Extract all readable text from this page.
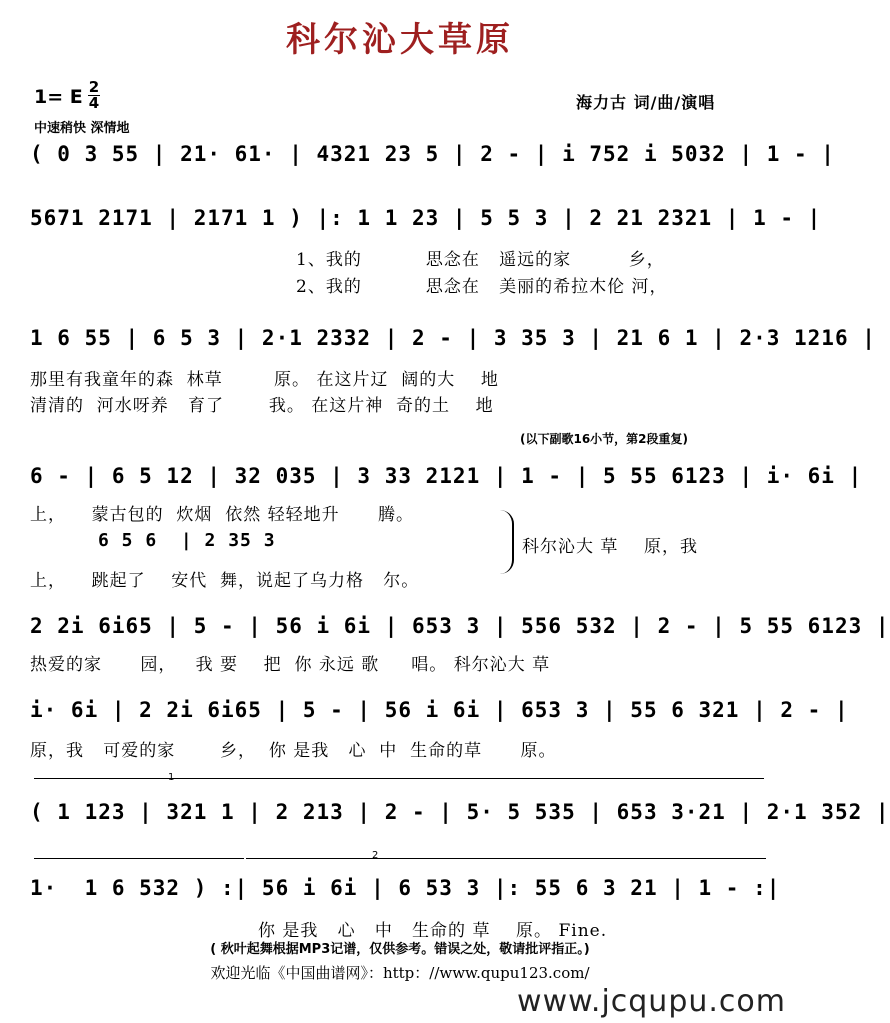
科尔沁大草原
1= E 2
4
中速稍快 深情地
海力古 词/曲/演唱
( 0 3 55 | 21· 61· | 4321 23 5 | 2 - | i 752 i 5032 | 1 - |
5671 2171 | 2171 1 ) |: 1 1 23 | 5 5 3 | 2 21 2321 | 1 - |
1、我的          思念在   遥远的家         乡，
2、我的          思念在   美丽的希拉木伦 河，
1 6 55 | 6 5 3 | 2·1 2332 | 2 - | 3 35 3 | 21 6 1 | 2·3 1216 |
那里有我童年的森  林草        原。 在这片辽  阔的大    地
清清的  河水呀养   育了       我。 在这片神  奇的土    地
(以下副歌16小节，第2段重复)
6 - | 6 5 12 | 32 035 | 3 33 2121 | 1 - | 5 55 6123 | i· 6i |
上，    蒙古包的  炊烟  依然 轻轻地升      腾。
6 5 6  | 2 35 3
上，    跳起了    安代  舞，说起了乌力格   尔。
科尔沁大 草    原，我
2 2i 6i65 | 5 - | 56 i 6i | 653 3 | 556 532 | 2 - | 5 55 6123 |
热爱的家      园，   我 要    把  你 永远 歌     唱。 科尔沁大 草
i· 6i | 2 2i 6i65 | 5 - | 56 i 6i | 653 3 | 55 6 321 | 2 - |
原，我   可爱的家       乡，  你 是我   心  中  生命的草      原。
1
( 1 123 | 321 1 | 2 213 | 2 - | 5· 5 535 | 653 3·21 | 2·1 352 |
2
1·  1 6 532 ) :| 56 i 6i | 6 53 3 |: 55 6 3 21 | 1 - :|
你 是我   心   中   生命的 草    原。 Fine.
( 秋叶起舞根据MP3记谱，仅供参考。错误之处，敬请批评指正。)
欢迎光临《中国曲谱网》：http：//www.qupu123.com/
www.jcqupu.com
